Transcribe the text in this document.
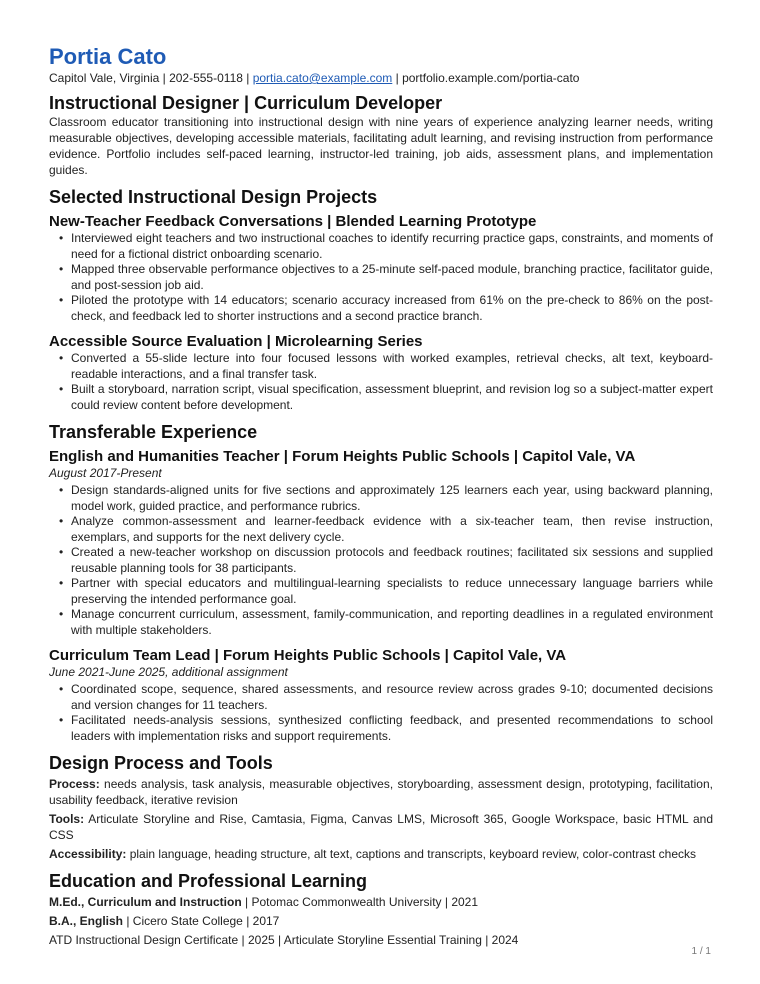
Portia Cato

Capitol Vale, Virginia | 202-555-0118 | portia.cato@example.com | portfolio.example.com/portia-cato

Instructional Designer | Curriculum Developer

Classroom educator transitioning into instructional design with nine years of experience analyzing learner needs, writing measurable objectives, developing accessible materials, facilitating adult learning, and revising instruction from performance evidence. Portfolio includes self-paced learning, instructor-led training, job aids, assessment plans, and implementation guides.

Selected Instructional Design Projects
New-Teacher Feedback Conversations | Blended Learning Prototype
• Interviewed eight teachers and two instructional coaches to identify recurring practice gaps, constraints, and moments of need for a fictional district onboarding scenario.
• Mapped three observable performance objectives to a 25-minute self-paced module, branching practice, facilitator guide, and post-session job aid.
• Piloted the prototype with 14 educators; scenario accuracy increased from 61% on the pre-check to 86% on the post-check, and feedback led to shorter instructions and a second practice branch.
Accessible Source Evaluation | Microlearning Series
• Converted a 55-slide lecture into four focused lessons with worked examples, retrieval checks, alt text, keyboard-readable interactions, and a final transfer task.
• Built a storyboard, narration script, visual specification, assessment blueprint, and revision log so a subject-matter expert could review content before development.
Transferable Experience
English and Humanities Teacher | Forum Heights Public Schools | Capitol Vale, VA

August 2017-Present

• Design standards-aligned units for five sections and approximately 125 learners each year, using backward planning, model work, guided practice, and performance rubrics.
• Analyze common-assessment and learner-feedback evidence with a six-teacher team, then revise instruction, exemplars, and supports for the next delivery cycle.
• Created a new-teacher workshop on discussion protocols and feedback routines; facilitated six sessions and supplied reusable planning tools for 38 participants.
• Partner with special educators and multilingual-learning specialists to reduce unnecessary language barriers while preserving the intended performance goal.
• Manage concurrent curriculum, assessment, family-communication, and reporting deadlines in a regulated environment with multiple stakeholders.
Curriculum Team Lead | Forum Heights Public Schools | Capitol Vale, VA

June 2021-June 2025, additional assignment

• Coordinated scope, sequence, shared assessments, and resource review across grades 9-10; documented decisions and version changes for 11 teachers.
• Facilitated needs-analysis sessions, synthesized conflicting feedback, and presented recommendations to school leaders with implementation risks and support requirements.
Design Process and Tools

Process: needs analysis, task analysis, measurable objectives, storyboarding, assessment design, prototyping, facilitation, usability feedback, iterative revision

Tools: Articulate Storyline and Rise, Camtasia, Figma, Canvas LMS, Microsoft 365, Google Workspace, basic HTML and CSS

Accessibility: plain language, heading structure, alt text, captions and transcripts, keyboard review, color-contrast checks

Education and Professional Learning

M.Ed., Curriculum and Instruction | Potomac Commonwealth University | 2021

B.A., English | Cicero State College | 2017

ATD Instructional Design Certificate | 2025 | Articulate Storyline Essential Training | 2024

1 / 1
